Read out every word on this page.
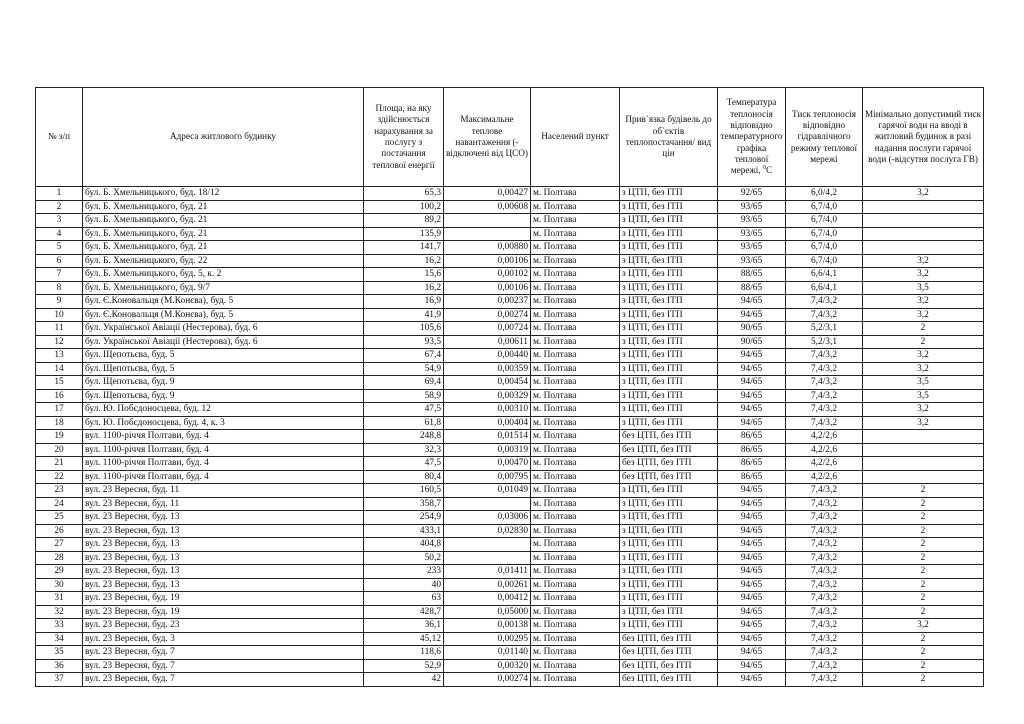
№ з/п	Адреса житлового будинку	Площа, на яку здійснюється нарахування за послугу з постачання теплової енергії	Максимальне теплове навантаження (-відключені від ЦСО)	Населений пункт	Прив`язка будівель до об`єктів теплопостачання/ вид цін	Температура теплоносія відповідно температурного графіка теплової мережі, $^0$С	Тиск теплоносія відповідно гідравлічного режиму теплової мережі	Мінімально допустимий тиск гарячої води на вводі в житловий будинок в разі надання послуги гарячої води (-відсутня послуга ГВ)
1	бул. Б. Хмельницького, буд. 18/12	65,3	0,00427	м. Полтава	з ЦТП, без ІТП	92/65	6,0/4,2	3,2
2	бул. Б. Хмельницького, буд. 21	100,2	0,00608	м. Полтава	з ЦТП, без ІТП	93/65	6,7/4,0	
3	бул. Б. Хмельницького, буд. 21	89,2		м. Полтава	з ЦТП, без ІТП	93/65	6,7/4,0	
4	бул. Б. Хмельницького, буд. 21	135,9		м. Полтава	з ЦТП, без ІТП	93/65	6,7/4,0	
5	бул. Б. Хмельницького, буд. 21	141,7	0,00880	м. Полтава	з ЦТП, без ІТП	93/65	6,7/4,0	
6	бул. Б. Хмельницького, буд. 22	16,2	0,00106	м. Полтава	з ЦТП, без ІТП	93/65	6,7/4,0	3,2
7	бул. Б. Хмельницького, буд. 5, к. 2	15,6	0,00102	м. Полтава	з ЦТП, без ІТП	88/65	6,6/4,1	3,2
8	бул. Б. Хмельницького, буд. 9/7	16,2	0,00106	м. Полтава	з ЦТП, без ІТП	88/65	6,6/4,1	3,5
9	бул. Є.Коновальця (М.Конєва), буд. 5	16,9	0,00237	м. Полтава	з ЦТП, без ІТП	94/65	7,4/3,2	3,2
10	бул. Є.Коновальця (М.Конєва), буд. 5	41,9	0,00274	м. Полтава	з ЦТП, без ІТП	94/65	7,4/3,2	3,2
11	бул. Української Авіації (Нестерова), буд. 6	105,6	0,00724	м. Полтава	з ЦТП, без ІТП	90/65	5,2/3,1	2
12	бул. Української Авіації (Нестерова), буд. 6	93,5	0,00611	м. Полтава	з ЦТП, без ІТП	90/65	5,2/3,1	2
13	бул. Щепотьєва, буд. 5	67,4	0,00440	м. Полтава	з ЦТП, без ІТП	94/65	7,4/3,2	3,2
14	бул. Щепотьєва, буд. 5	54,9	0,00359	м. Полтава	з ЦТП, без ІТП	94/65	7,4/3,2	3,2
15	бул. Щепотьєва, буд. 9	69,4	0,00454	м. Полтава	з ЦТП, без ІТП	94/65	7,4/3,2	3,5
16	бул. Щепотьєва, буд. 9	58,9	0,00329	м. Полтава	з ЦТП, без ІТП	94/65	7,4/3,2	3,5
17	бул. Ю. Побєдоносцева, буд. 12	47,5	0,00310	м. Полтава	з ЦТП, без ІТП	94/65	7,4/3,2	3,2
18	бул. Ю. Побєдоносцева, буд. 4, к. 3	61,8	0,00404	м. Полтава	з ЦТП, без ІТП	94/65	7,4/3,2	3,2
19	вул. 1100-річчя Полтави, буд. 4	248,8	0,01514	м. Полтава	без ЦТП, без ІТП	86/65	4,2/2,6	
20	вул. 1100-річчя Полтави, буд. 4	32,3	0,00319	м. Полтава	без ЦТП, без ІТП	86/65	4,2/2,6	
21	вул. 1100-річчя Полтави, буд. 4	47,5	0,00470	м. Полтава	без ЦТП, без ІТП	86/65	4,2/2,6	
22	вул. 1100-річчя Полтави, буд. 4	80,4	0,00795	м. Полтава	без ЦТП, без ІТП	86/65	4,2/2,6	
23	вул. 23 Вересня, буд. 11	160,5	0,01049	м. Полтава	з ЦТП, без ІТП	94/65	7,4/3,2	2
24	вул. 23 Вересня, буд. 11	358,7		м. Полтава	з ЦТП, без ІТП	94/65	7,4/3,2	2
25	вул. 23 Вересня, буд. 13	254,9	0,03006	м. Полтава	з ЦТП, без ІТП	94/65	7,4/3,2	2
26	вул. 23 Вересня, буд. 13	433,1	0,02830	м. Полтава	з ЦТП, без ІТП	94/65	7,4/3,2	2
27	вул. 23 Вересня, буд. 13	404,8		м. Полтава	з ЦТП, без ІТП	94/65	7,4/3,2	2
28	вул. 23 Вересня, буд. 13	50,2		м. Полтава	з ЦТП, без ІТП	94/65	7,4/3,2	2
29	вул. 23 Вересня, буд. 13	233	0,01411	м. Полтава	з ЦТП, без ІТП	94/65	7,4/3,2	2
30	вул. 23 Вересня, буд. 13	40	0,00261	м. Полтава	з ЦТП, без ІТП	94/65	7,4/3,2	2
31	вул. 23 Вересня, буд. 19	63	0,00412	м. Полтава	з ЦТП, без ІТП	94/65	7,4/3,2	2
32	вул. 23 Вересня, буд. 19	428,7	0,05000	м. Полтава	з ЦТП, без ІТП	94/65	7,4/3,2	2
33	вул. 23 Вересня, буд. 23	36,1	0,00138	м. Полтава	з ЦТП, без ІТП	94/65	7,4/3,2	3,2
34	вул. 23 Вересня, буд. 3	45,12	0,00295	м. Полтава	без ЦТП, без ІТП	94/65	7,4/3,2	2
35	вул. 23 Вересня, буд. 7	118,6	0,01140	м. Полтава	без ЦТП, без ІТП	94/65	7,4/3,2	2
36	вул. 23 Вересня, буд. 7	52,9	0,00320	м. Полтава	без ЦТП, без ІТП	94/65	7,4/3,2	2
37	вул. 23 Вересня, буд. 7	42	0,00274	м. Полтава	без ЦТП, без ІТП	94/65	7,4/3,2	2
